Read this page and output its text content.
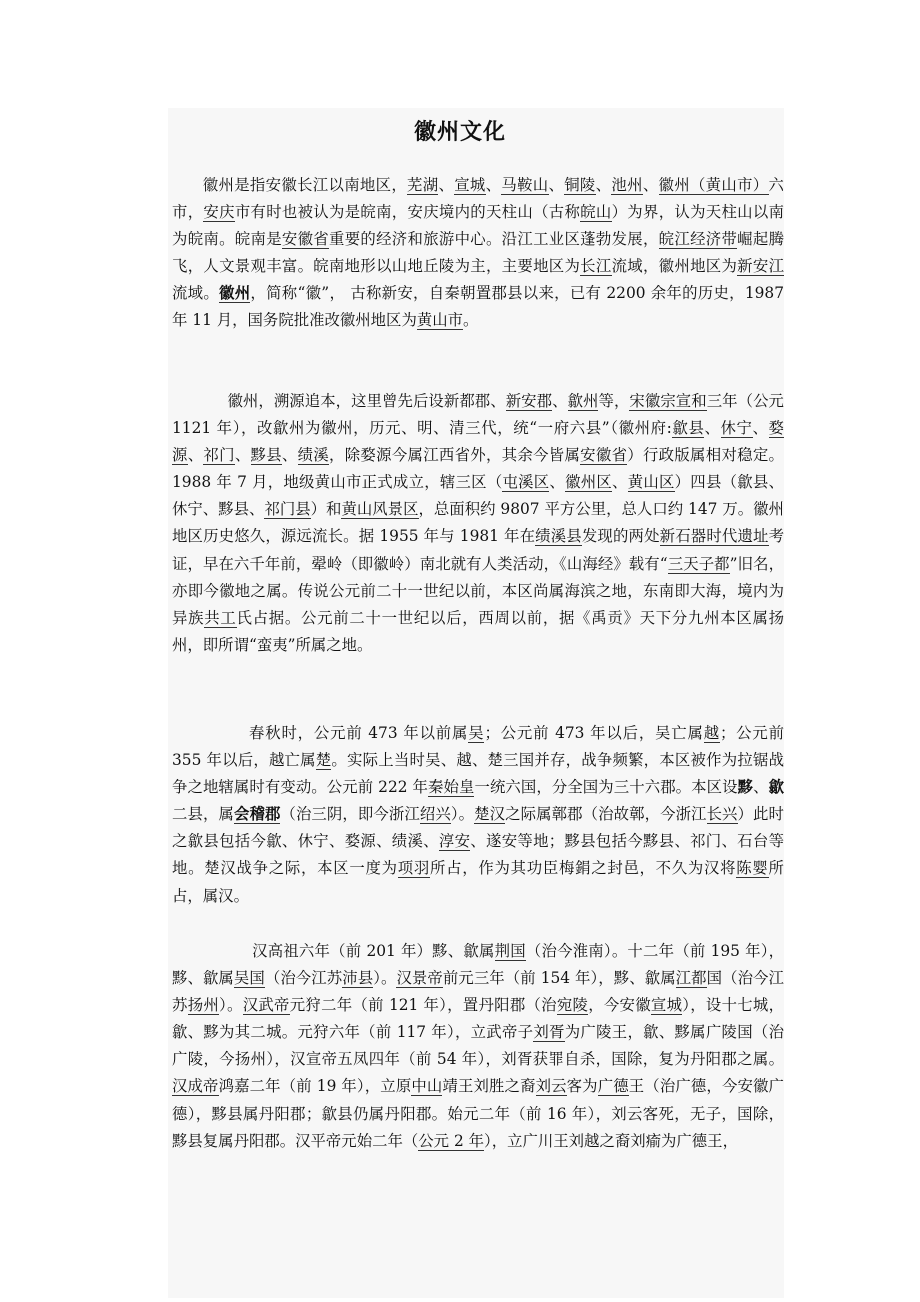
徽州文化

徽州是指安徽长江以南地区，芜湖、宣城、马鞍山、铜陵、池州、徽州（黄山市）六市，安庆市有时也被认为是皖南，安庆境内的天柱山（古称皖山）为界，认为天柱山以南为皖南。皖南是安徽省重要的经济和旅游中心。沿江工业区蓬勃发展，皖江经济带崛起腾飞，人文景观丰富。皖南地形以山地丘陵为主，主要地区为长江流域，徽州地区为新安江流域。徽州，简称“徽”， 古称新安，自秦朝置郡县以来，已有 2200 余年的历史，1987 年 11 月，国务院批准改徽州地区为黄山市。

徽州，溯源追本，这里曾先后设新都郡、新安郡、歙州等，宋徽宗宣和三年（公元 1121 年），改歙州为徽州，历元、明、清三代，统“一府六县”（徽州府:歙县、休宁、婺源、祁门、黟县、绩溪，除婺源今属江西省外，其余今皆属安徽省）行政版属相对稳定。1988 年 7 月，地级黄山市正式成立，辖三区（屯溪区、徽州区、黄山区）四县（歙县、休宁、黟县、祁门县）和黄山风景区，总面积约 9807 平方公里，总人口约 147 万。徽州地区历史悠久，源远流长。据 1955 年与 1981 年在绩溪县发现的两处新石器时代遗址考证，早在六千年前，翚岭（即徽岭）南北就有人类活动，《山海经》载有“三天子都”旧名，亦即今徽地之属。传说公元前二十一世纪以前，本区尚属海滨之地，东南即大海，境内为异族共工氏占据。公元前二十一世纪以后，西周以前，据《禹贡》天下分九州本区属扬州，即所谓“蛮夷”所属之地。

春秋时，公元前 473 年以前属吴；公元前 473 年以后，吴亡属越；公元前 355 年以后，越亡属楚。实际上当时吴、越、楚三国并存，战争频繁，本区被作为拉锯战争之地辖属时有变动。公元前 222 年秦始皇一统六国，分全国为三十六郡。本区设黟、歙二县，属会稽郡（治三阴，即今浙江绍兴）。楚汉之际属鄣郡（治故鄣，今浙江长兴）此时之歙县包括今歙、休宁、婺源、绩溪、淳安、遂安等地；黟县包括今黟县、祁门、石台等地。楚汉战争之际，本区一度为项羽所占，作为其功臣梅鋗之封邑，不久为汉将陈婴所占，属汉。

汉高祖六年（前 201 年）黟、歙属荆国（治今淮南）。十二年（前 195 年），黟、歙属吴国（治今江苏沛县）。汉景帝前元三年（前 154 年），黟、歙属江都国（治今江苏扬州）。汉武帝元狩二年（前 121 年），置丹阳郡（治宛陵，今安徽宣城），设十七城，歙、黟为其二城。元狩六年（前 117 年），立武帝子刘胥为广陵王，歙、黟属广陵国（治广陵，今扬州），汉宣帝五凤四年（前 54 年），刘胥获罪自杀，国除，复为丹阳郡之属。汉成帝鸿嘉二年（前 19 年），立原中山靖王刘胜之裔刘云客为广德王（治广德，今安徽广德），黟县属丹阳郡；歙县仍属丹阳郡。始元二年（前 16 年），刘云客死，无子，国除，黟县复属丹阳郡。汉平帝元始二年（公元 2 年），立广川王刘越之裔刘瘉为广德王，
